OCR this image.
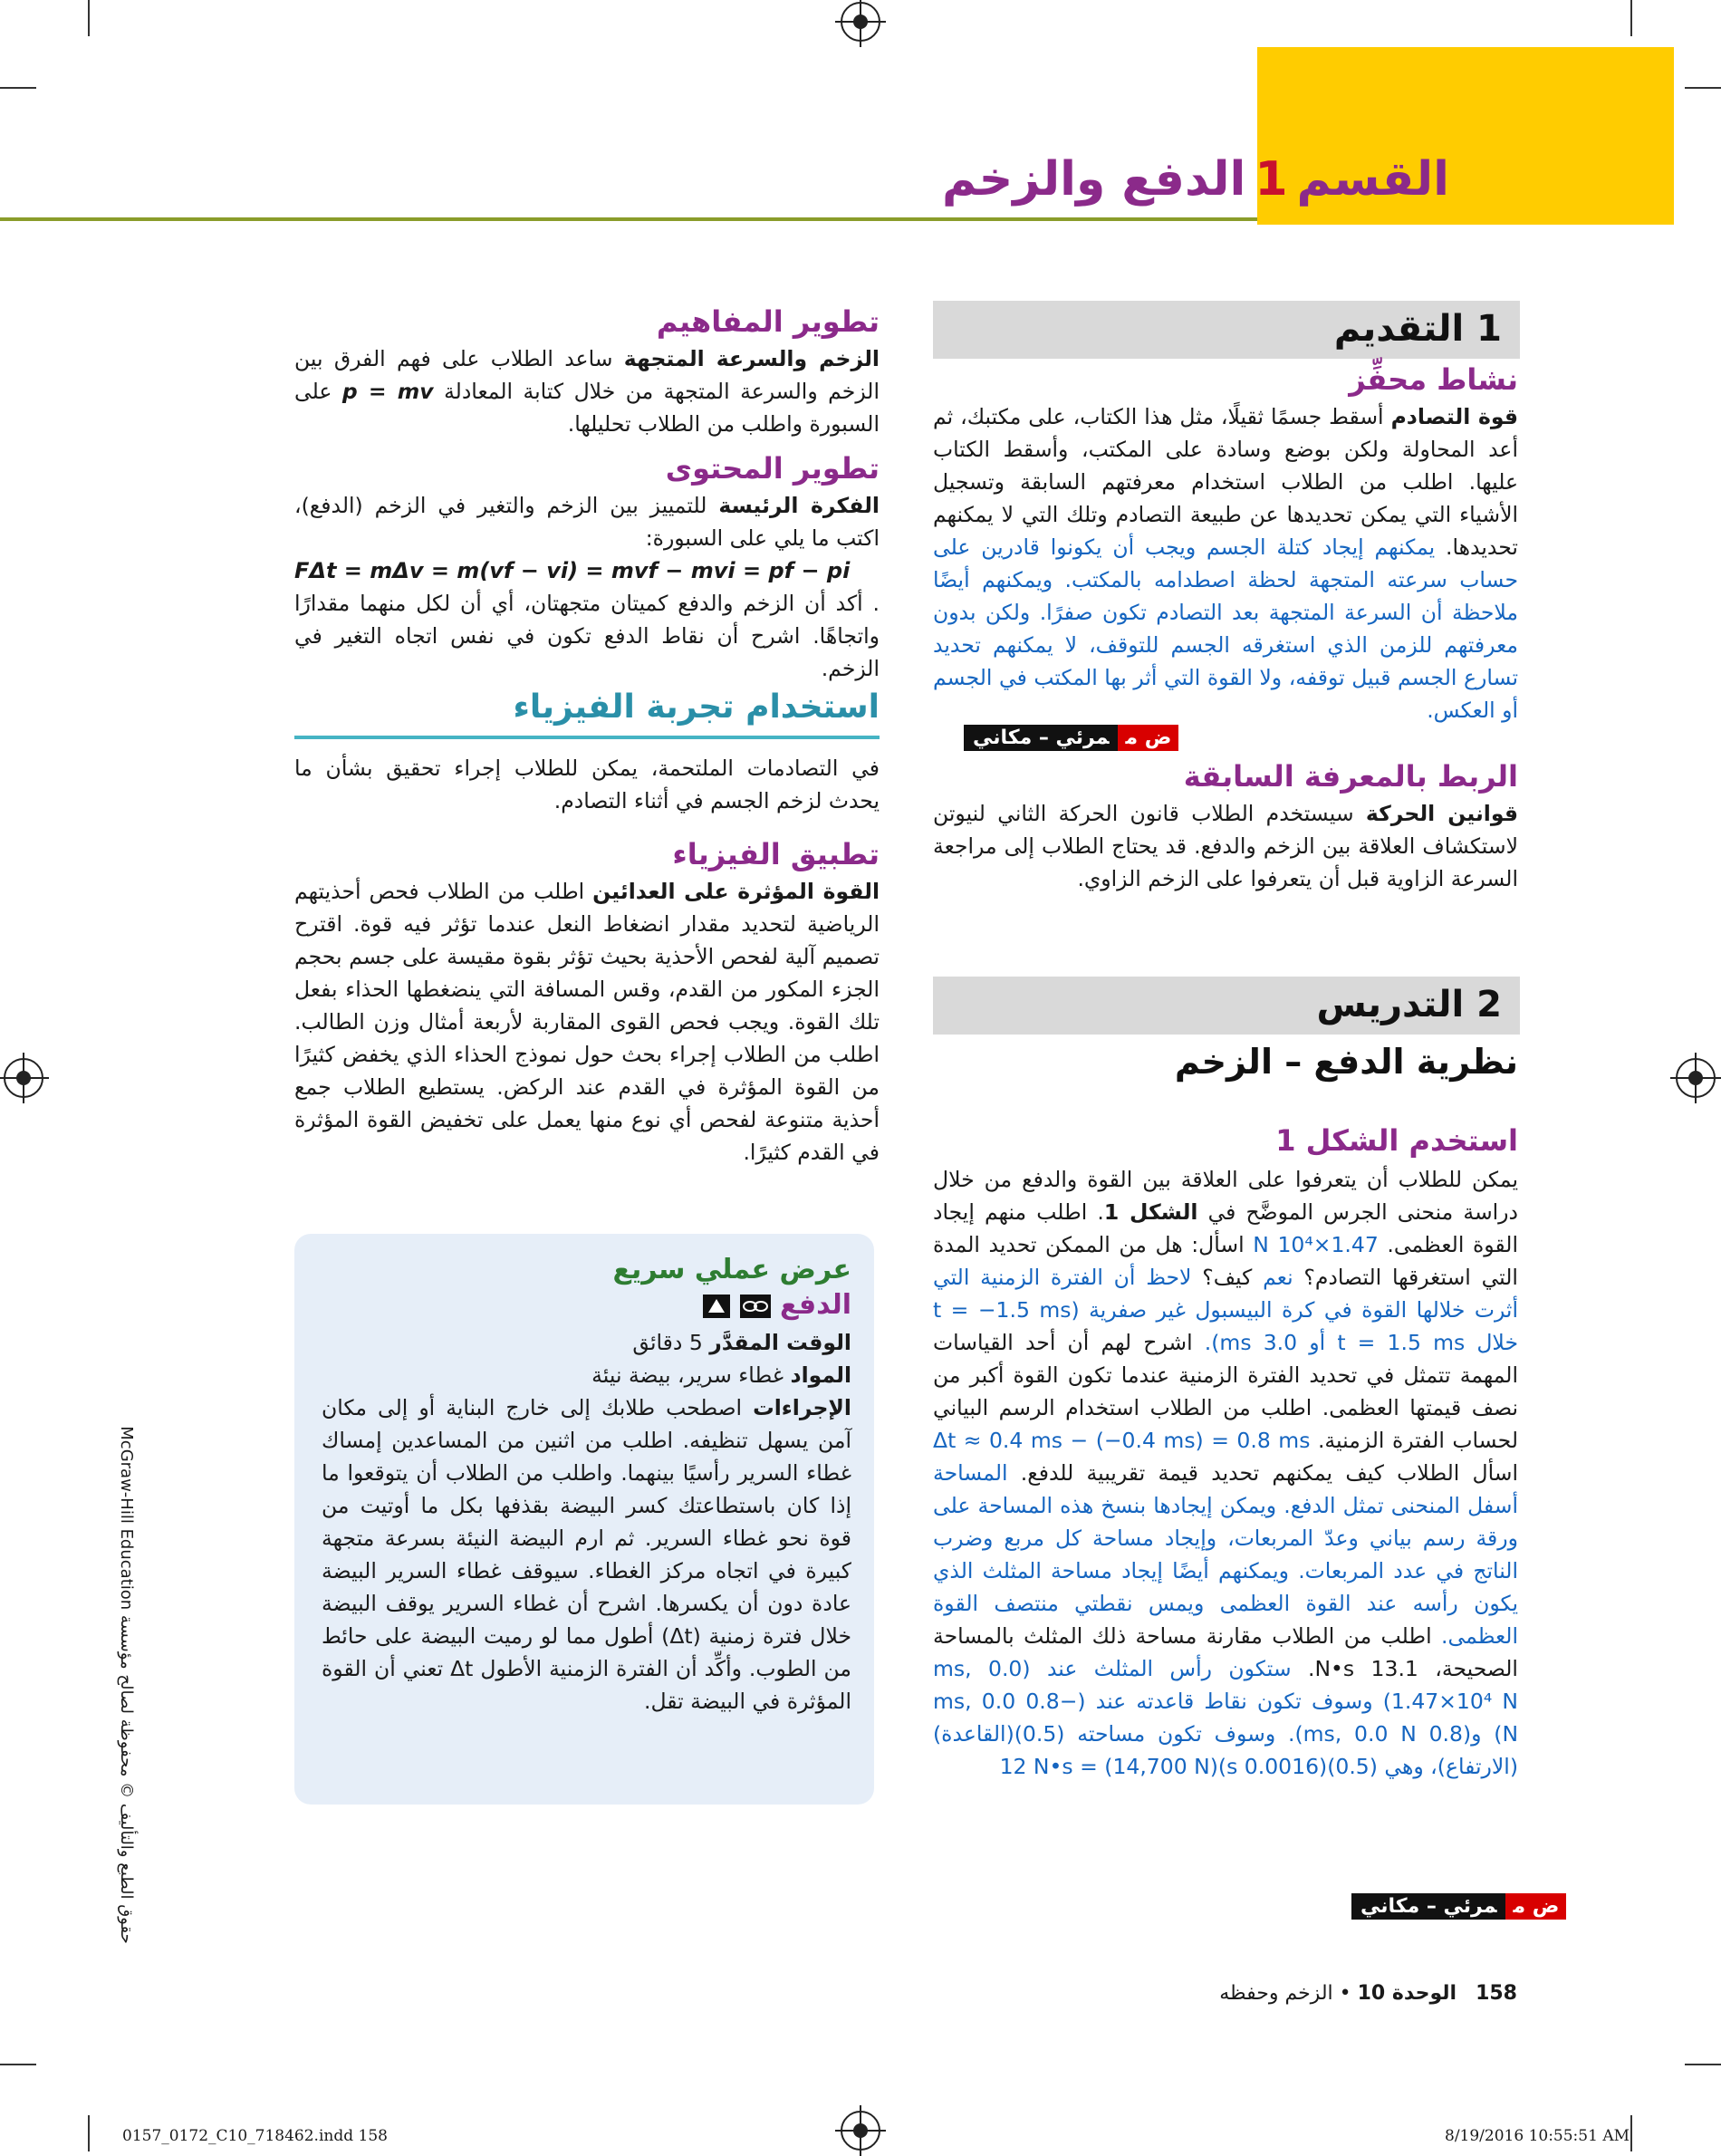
القسم1الدفع والزخم
1 التقديم

نشاط محفِّز

قوة التصادم أسقط جسمًا ثقيلًا، مثل هذا الكتاب، على مكتبك، ثم أعد المحاولة ولكن بوضع وسادة على المكتب، وأسقط الكتاب عليها. اطلب من الطلاب استخدام معرفتهم السابقة وتسجيل الأشياء التي يمكن تحديدها عن طبيعة التصادم وتلك التي لا يمكنهم تحديدها. يمكنهم إيجاد كتلة الجسم ويجب أن يكونوا قادرين على حساب سرعته المتجهة لحظة اصطدامه بالمكتب. ويمكنهم أيضًا ملاحظة أن السرعة المتجهة بعد التصادم تكون صفرًا. ولكن بدون معرفتهم للزمن الذي استغرقه الجسم للتوقف، لا يمكنهم تحديد تسارع الجسم قبيل توقفه، ولا القوة التي أثر بها المكتب في الجسم أو العكس.

ض ممرئي – مكاني

الربط بالمعرفة السابقة

قوانين الحركة سيستخدم الطلاب قانون الحركة الثاني لنيوتن لاستكشاف العلاقة بين الزخم والدفع. قد يحتاج الطلاب إلى مراجعة السرعة الزاوية قبل أن يتعرفوا على الزخم الزاوي.

2 التدريس
نظرية الدفع – الزخم

استخدم الشكل 1

يمكن للطلاب أن يتعرفوا على العلاقة بين القوة والدفع من خلال دراسة منحنى الجرس الموضَّح في الشكل 1. اطلب منهم إيجاد القوة العظمى. 1.47×10⁴ N اسأل: هل من الممكن تحديد المدة التي استغرقها التصادم؟ نعم كيف؟ لاحظ أن الفترة الزمنية التي أثرت خلالها القوة في كرة البيسبول غير صفرية (t = −1.5 ms خلال t = 1.5 ms أو 3.0 ms). اشرح لهم أن أحد القياسات المهمة تتمثل في تحديد الفترة الزمنية عندما تكون القوة أكبر من نصف قيمتها العظمى. اطلب من الطلاب استخدام الرسم البياني لحساب الفترة الزمنية. Δt ≈ 0.4 ms − (−0.4 ms) = 0.8 ms اسأل الطلاب كيف يمكنهم تحديد قيمة تقريبية للدفع. المساحة أسفل المنحنى تمثل الدفع. ويمكن إيجادها بنسخ هذه المساحة على ورقة رسم بياني وعدّ المربعات، وإيجاد مساحة كل مربع وضرب الناتج في عدد المربعات. ويمكنهم أيضًا إيجاد مساحة المثلث الذي يكون رأسه عند القوة العظمى ويمس نقطتي منتصف القوة العظمى. اطلب من الطلاب مقارنة مساحة ذلك المثلث بالمساحة الصحيحة، 13.1 N•s. ستكون رأس المثلث عند (0.0 ms, 1.47×10⁴ N) وسوف تكون نقاط قاعدته عند (−0.8 ms, 0.0 N) و(0.8 ms, 0.0 N). وسوف تكون مساحته (0.5)(القاعدة)(الارتفاع)، وهي (0.5)(0.0016 s)(14,700 N) = 12 N•s

ض ممرئي – مكاني

تطوير المفاهيم

الزخم والسرعة المتجهة ساعد الطلاب على فهم الفرق بين الزخم والسرعة المتجهة من خلال كتابة المعادلة p = mv على السبورة واطلب من الطلاب تحليلها.

تطوير المحتوى

الفكرة الرئيسة للتمييز بين الزخم والتغير في الزخم (الدفع)، اكتب ما يلي على السبورة:

FΔt = mΔv = m(vf − vi) = mvf − mvi = pf − pi

. أكد أن الزخم والدفع كميتان متجهتان، أي أن لكل منهما مقدارًا واتجاهًا. اشرح أن نقاط الدفع تكون في نفس اتجاه التغير في الزخم.

استخدام تجربة الفيزياء

في التصادمات الملتحمة، يمكن للطلاب إجراء تحقيق بشأن ما يحدث لزخم الجسم في أثناء التصادم.

تطبيق الفيزياء

القوة المؤثرة على العدائين اطلب من الطلاب فحص أحذيتهم الرياضية لتحديد مقدار انضغاط النعل عندما تؤثر فيه قوة. اقترح تصميم آلية لفحص الأحذية بحيث تؤثر بقوة مقيسة على جسم بحجم الجزء المكور من القدم، وقس المسافة التي ينضغطها الحذاء بفعل تلك القوة. ويجب فحص القوى المقاربة لأربعة أمثال وزن الطالب. اطلب من الطلاب إجراء بحث حول نموذج الحذاء الذي يخفض كثيرًا من القوة المؤثرة في القدم عند الركض. يستطيع الطلاب جمع أحذية متنوعة لفحص أي نوع منها يعمل على تخفيض القوة المؤثرة في القدم كثيرًا.

عرض عملي سريع

الدفع

الوقت المقدَّر 5 دقائق

المواد غطاء سرير، بيضة نيئة

الإجراءات اصطحب طلابك إلى خارج البناية أو إلى مكان آمن يسهل تنظيفه. اطلب من اثنين من المساعدين إمساك غطاء السرير رأسيًا بينهما. واطلب من الطلاب أن يتوقعوا ما إذا كان باستطاعتك كسر البيضة بقذفها بكل ما أوتيت من قوة نحو غطاء السرير. ثم ارم البيضة النيئة بسرعة متجهة كبيرة في اتجاه مركز الغطاء. سيوقف غطاء السرير البيضة عادة دون أن يكسرها. اشرح أن غطاء السرير يوقف البيضة خلال فترة زمنية (Δt) أطول مما لو رميت البيضة على حائط من الطوب. وأكِّد أن الفترة الزمنية الأطول Δt تعني أن القوة المؤثرة في البيضة تقل.

حقوق الطبع والتأليف © محفوظة لصالح مؤسسة McGraw-Hill Education
158 الوحدة 10 • الزخم وحفظه
0157_0172_C10_718462.indd 158	8/19/2016 10:55:51 AM
